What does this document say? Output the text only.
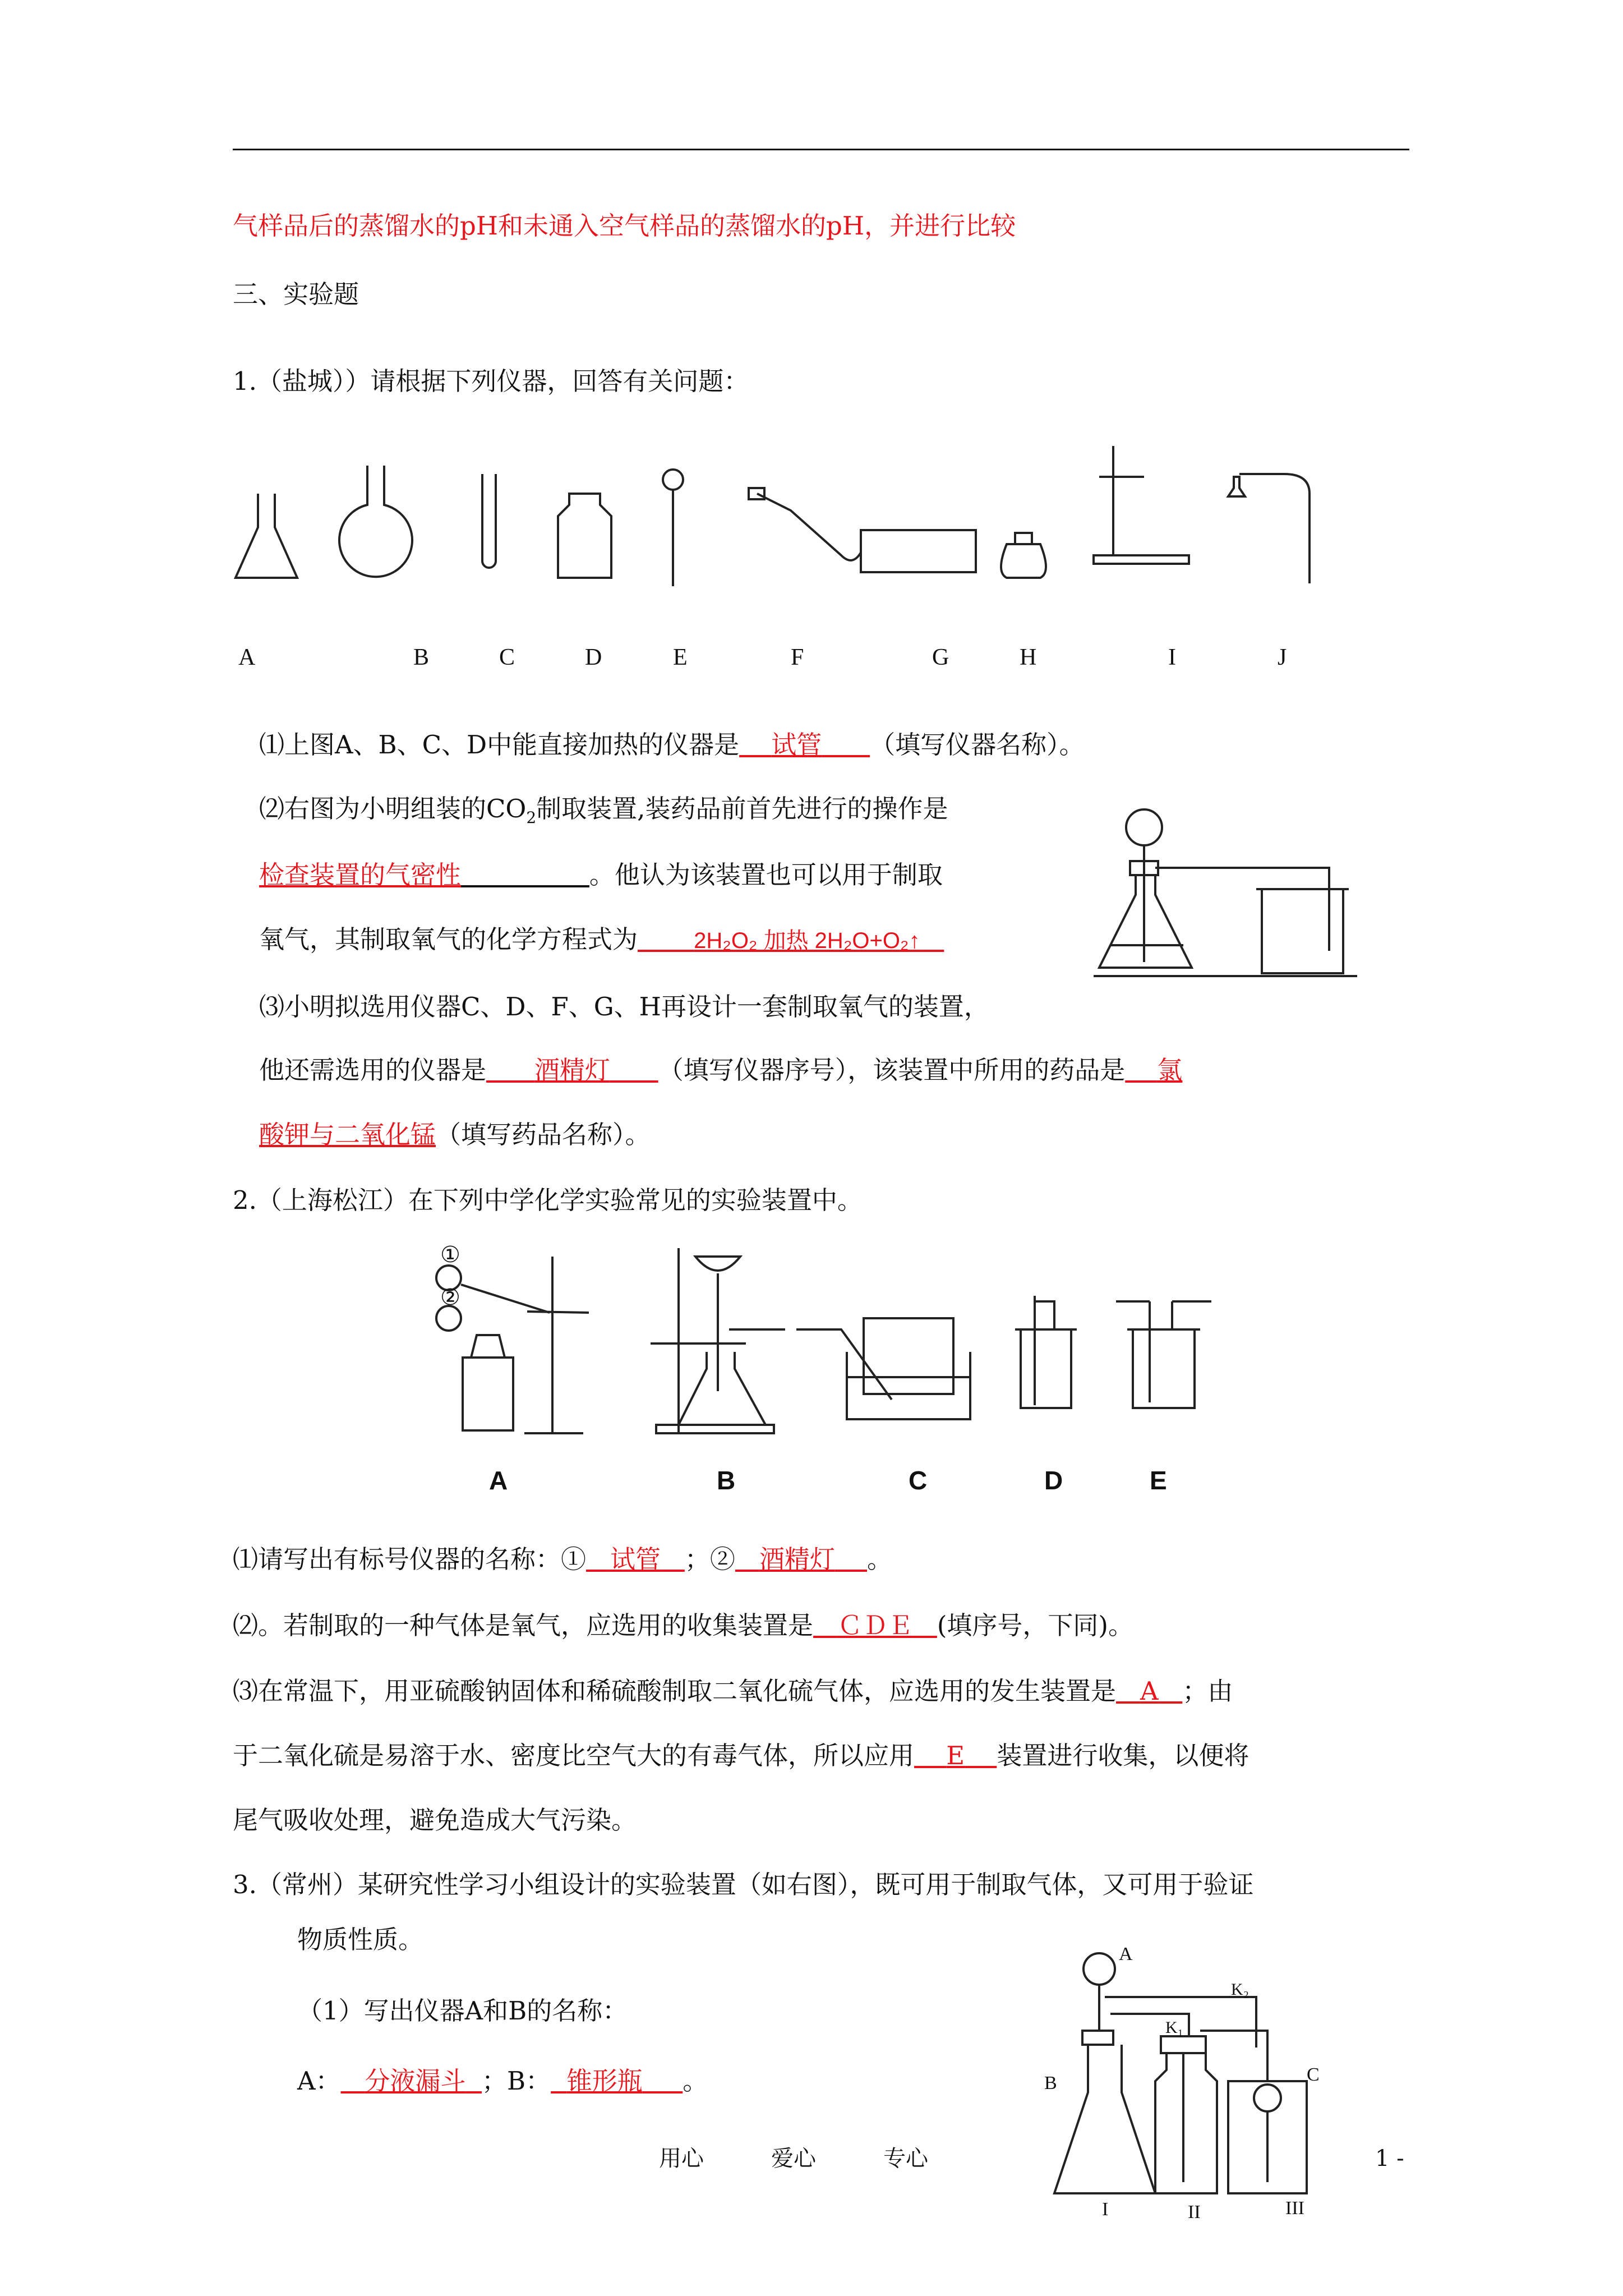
气样品后的蒸馏水的pH和未通入空气样品的蒸馏水的pH，并进行比较
三、实验题
1.（盐城））请根据下列仪器，回答有关问题：
A	B	C	D	E	F	G	H	I	J
⑴上图A、B、C、D中能直接加热的仪器是 试管 （填写仪器名称）。
⑵右图为小明组装的$CO_2$制取装置,装药品前首先进行的操作是
检查装置的气密性	。他认为该装置也可以用于制取
氧气，其制取氧气的化学方程式为	2H₂O₂ 加热 2H₂O+O₂↑
⑶小明拟选用仪器C、D、F、G、H再设计一套制取氧气的装置，
他还需选用的仪器是 酒精灯 （填写仪器序号），该装置中所用的药品是 氯
酸钾与二氧化锰（填写药品名称）。
2.（上海松江）在下列中学化学实验常见的实验装置中。
①
②
A	B	C	D	E
⑴请写出有标号仪器的名称：① 试管 ；② 酒精灯 。
⑵。若制取的一种气体是氧气，应选用的收集装置是 ＣＤＥ (填序号，下同)。
⑶在常温下，用亚硫酸钠固体和稀硫酸制取二氧化硫气体，应选用的发生装置是 A ；由
于二氧化硫是易溶于水、密度比空气大的有毒气体，所以应用 E 装置进行收集，以便将
尾气吸收处理，避免造成大气污染。
3.（常州）某研究性学习小组设计的实验装置（如右图），既可用于制取气体，又可用于验证
物质性质。
（1）写出仪器A和B的名称：
A： 分液漏斗 ；B： 锥形瓶 。
A
B	C
K₂
K₁
I	II	III
用心	爱心	专心	1 -
